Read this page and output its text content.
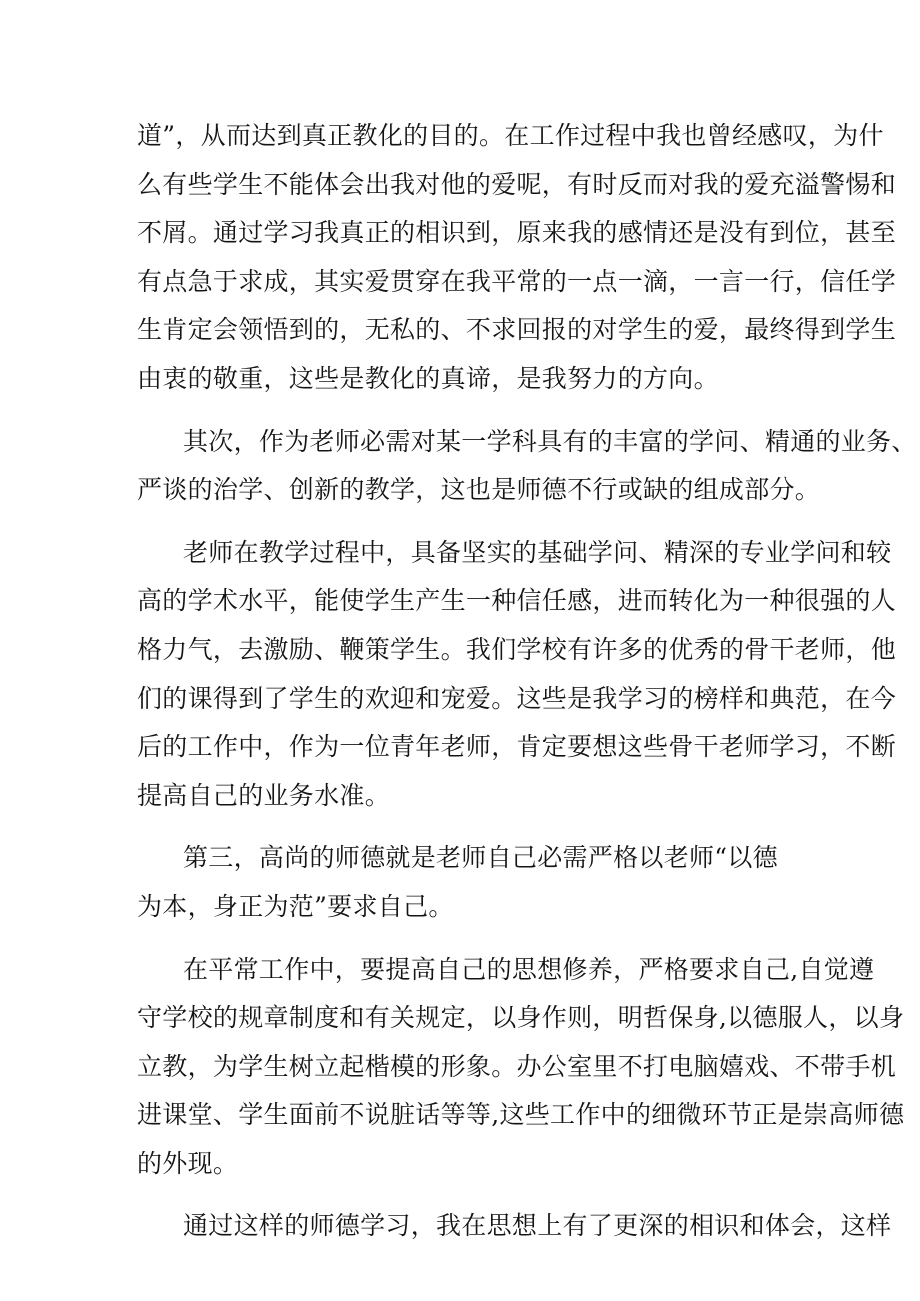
道”，从而达到真正教化的目的。在工作过程中我也曾经感叹，为什
么有些学生不能体会出我对他的爱呢，有时反而对我的爱充溢警惕和
不屑。通过学习我真正的相识到，原来我的感情还是没有到位，甚至
有点急于求成，其实爱贯穿在我平常的一点一滴，一言一行，信任学
生肯定会领悟到的，无私的、不求回报的对学生的爱，最终得到学生
由衷的敬重，这些是教化的真谛，是我努力的方向。
其次，作为老师必需对某一学科具有的丰富的学问、精通的业务、
严谈的治学、创新的教学，这也是师德不行或缺的组成部分。
老师在教学过程中，具备坚实的基础学问、精深的专业学问和较
高的学术水平，能使学生产生一种信任感，进而转化为一种很强的人
格力气，去激励、鞭策学生。我们学校有许多的优秀的骨干老师，他
们的课得到了学生的欢迎和宠爱。这些是我学习的榜样和典范，在今
后的工作中，作为一位青年老师，肯定要想这些骨干老师学习，不断
提高自己的业务水准。
第三，高尚的师德就是老师自己必需严格以老师“以德
为本，身正为范”要求自己。
在平常工作中，要提高自己的思想修养，严格要求自己,自觉遵
守学校的规章制度和有关规定，以身作则，明哲保身,以德服人，以身
立教，为学生树立起楷模的形象。办公室里不打电脑嬉戏、不带手机
进课堂、学生面前不说脏话等等,这些工作中的细微环节正是崇高师德
的外现。
通过这样的师德学习，我在思想上有了更深的相识和体会，这样
